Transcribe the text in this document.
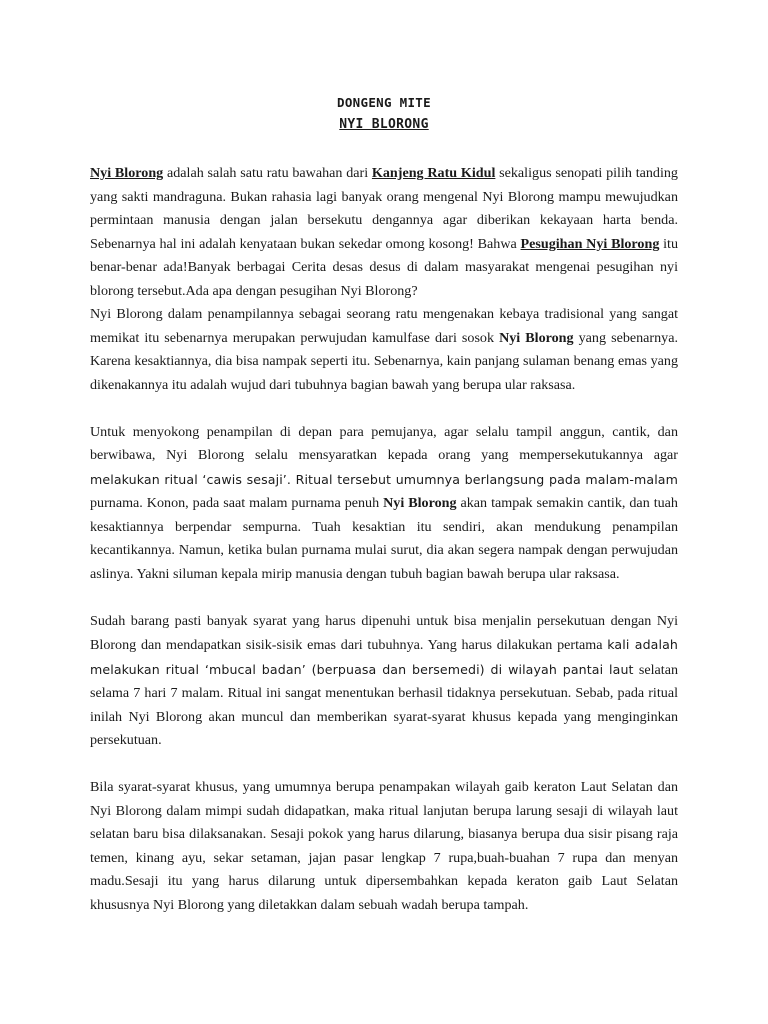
DONGENG MITE
NYI BLORONG

Nyi Blorong adalah salah satu ratu bawahan dari Kanjeng Ratu Kidul sekaligus senopati pilih tanding yang sakti mandraguna. Bukan rahasia lagi banyak orang mengenal Nyi Blorong mampu mewujudkan permintaan manusia dengan jalan bersekutu dengannya agar diberikan kekayaan harta benda. Sebenarnya hal ini adalah kenyataan bukan sekedar omong kosong! Bahwa Pesugihan Nyi Blorong itu benar-benar ada!Banyak berbagai Cerita desas desus di dalam masyarakat mengenai pesugihan nyi blorong tersebut.Ada apa dengan pesugihan Nyi Blorong?

Nyi Blorong dalam penampilannya sebagai seorang ratu mengenakan kebaya tradisional yang sangat memikat itu sebenarnya merupakan perwujudan kamulfase dari sosok Nyi Blorong yang sebenarnya. Karena kesaktiannya, dia bisa nampak seperti itu. Sebenarnya, kain panjang sulaman benang emas yang dikenakannya itu adalah wujud dari tubuhnya bagian bawah yang berupa ular raksasa.

Untuk menyokong penampilan di depan para pemujanya, agar selalu tampil anggun, cantik, dan berwibawa, Nyi Blorong selalu mensyaratkan kepada orang yang mempersekutukannya agar melakukan ritual ‘cawis sesaji’. Ritual tersebut umumnya berlangsung pada malam-malam purnama. Konon, pada saat malam purnama penuh Nyi Blorong akan tampak semakin cantik, dan tuah kesaktiannya berpendar sempurna. Tuah kesaktian itu sendiri, akan mendukung penampilan kecantikannya. Namun, ketika bulan purnama mulai surut, dia akan segera nampak dengan perwujudan aslinya. Yakni siluman kepala mirip manusia dengan tubuh bagian bawah berupa ular raksasa.

Sudah barang pasti banyak syarat yang harus dipenuhi untuk bisa menjalin persekutuan dengan Nyi Blorong dan mendapatkan sisik-sisik emas dari tubuhnya. Yang harus dilakukan pertama kali adalah melakukan ritual ‘mbucal badan’ (berpuasa dan bersemedi) di wilayah pantai laut selatan selama 7 hari 7 malam. Ritual ini sangat menentukan berhasil tidaknya persekutuan. Sebab, pada ritual inilah Nyi Blorong akan muncul dan memberikan syarat-syarat khusus kepada yang menginginkan persekutuan.

Bila syarat-syarat khusus, yang umumnya berupa penampakan wilayah gaib keraton Laut Selatan dan Nyi Blorong dalam mimpi sudah didapatkan, maka ritual lanjutan berupa larung sesaji di wilayah laut selatan baru bisa dilaksanakan. Sesaji pokok yang harus dilarung, biasanya berupa dua sisir pisang raja temen, kinang ayu, sekar setaman, jajan pasar lengkap 7 rupa,buah-buahan 7 rupa dan menyan madu.Sesaji itu yang harus dilarung untuk dipersembahkan kepada keraton gaib Laut Selatan khususnya Nyi Blorong yang diletakkan dalam sebuah wadah berupa tampah.
